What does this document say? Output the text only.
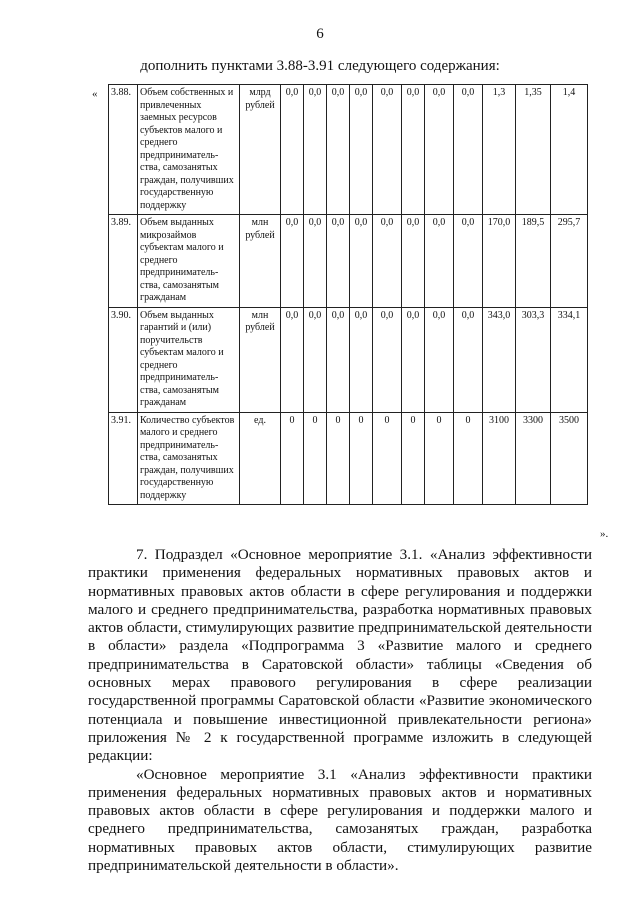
6
дополнить пунктами 3.88-3.91 следующего содержания:
« 3.88.	Объем собственных и привлеченных заемных ресурсов субъектов малого и среднего предприниматель-ства, самозанятых граждан, получивших государственную поддержку	млрд рублей	0,0	0,0	0,0	0,0	0,0	0,0	0,0	0,0	1,3	1,35	1,4
3.89.	Объем выданных микрозаймов субъектам малого и среднего предприниматель-ства, самозанятым гражданам	млн рублей	0,0	0,0	0,0	0,0	0,0	0,0	0,0	0,0	170,0	189,5	295,7
3.90.	Объем выданных гарантий и (или) поручительств субъектам малого и среднего предприниматель-ства, самозанятым гражданам	млн рублей	0,0	0,0	0,0	0,0	0,0	0,0	0,0	0,0	343,0	303,3	334,1
3.91.	Количество субъектов малого и среднего предприниматель-ства, самозанятых граждан, получивших государственную поддержку	ед.	0	0	0	0	0	0	0	0	3100	3300	3500
».

7. Подраздел «Основное мероприятие 3.1. «Анализ эффективности практики применения федеральных нормативных правовых актов и нормативных правовых актов области в сфере регулирования и поддержки малого и среднего предпринимательства, разработка нормативных правовых актов области, стимулирующих развитие предпринимательской деятельности в области» раздела «Подпрограмма 3 «Развитие малого и среднего предпринимательства в Саратовской области» таблицы «Сведения об основных мерах правового регулирования в сфере реализации государственной программы Саратовской области «Развитие экономического потенциала и повышение инвестиционной привлекательности региона» приложения № 2 к государственной программе изложить в следующей редакции:

«Основное мероприятие 3.1 «Анализ эффективности практики применения федеральных нормативных правовых актов и нормативных правовых актов области в сфере регулирования и поддержки малого и среднего предпринимательства, самозанятых граждан, разработка нормативных правовых актов области, стимулирующих развитие предпринимательской деятельности в области».
